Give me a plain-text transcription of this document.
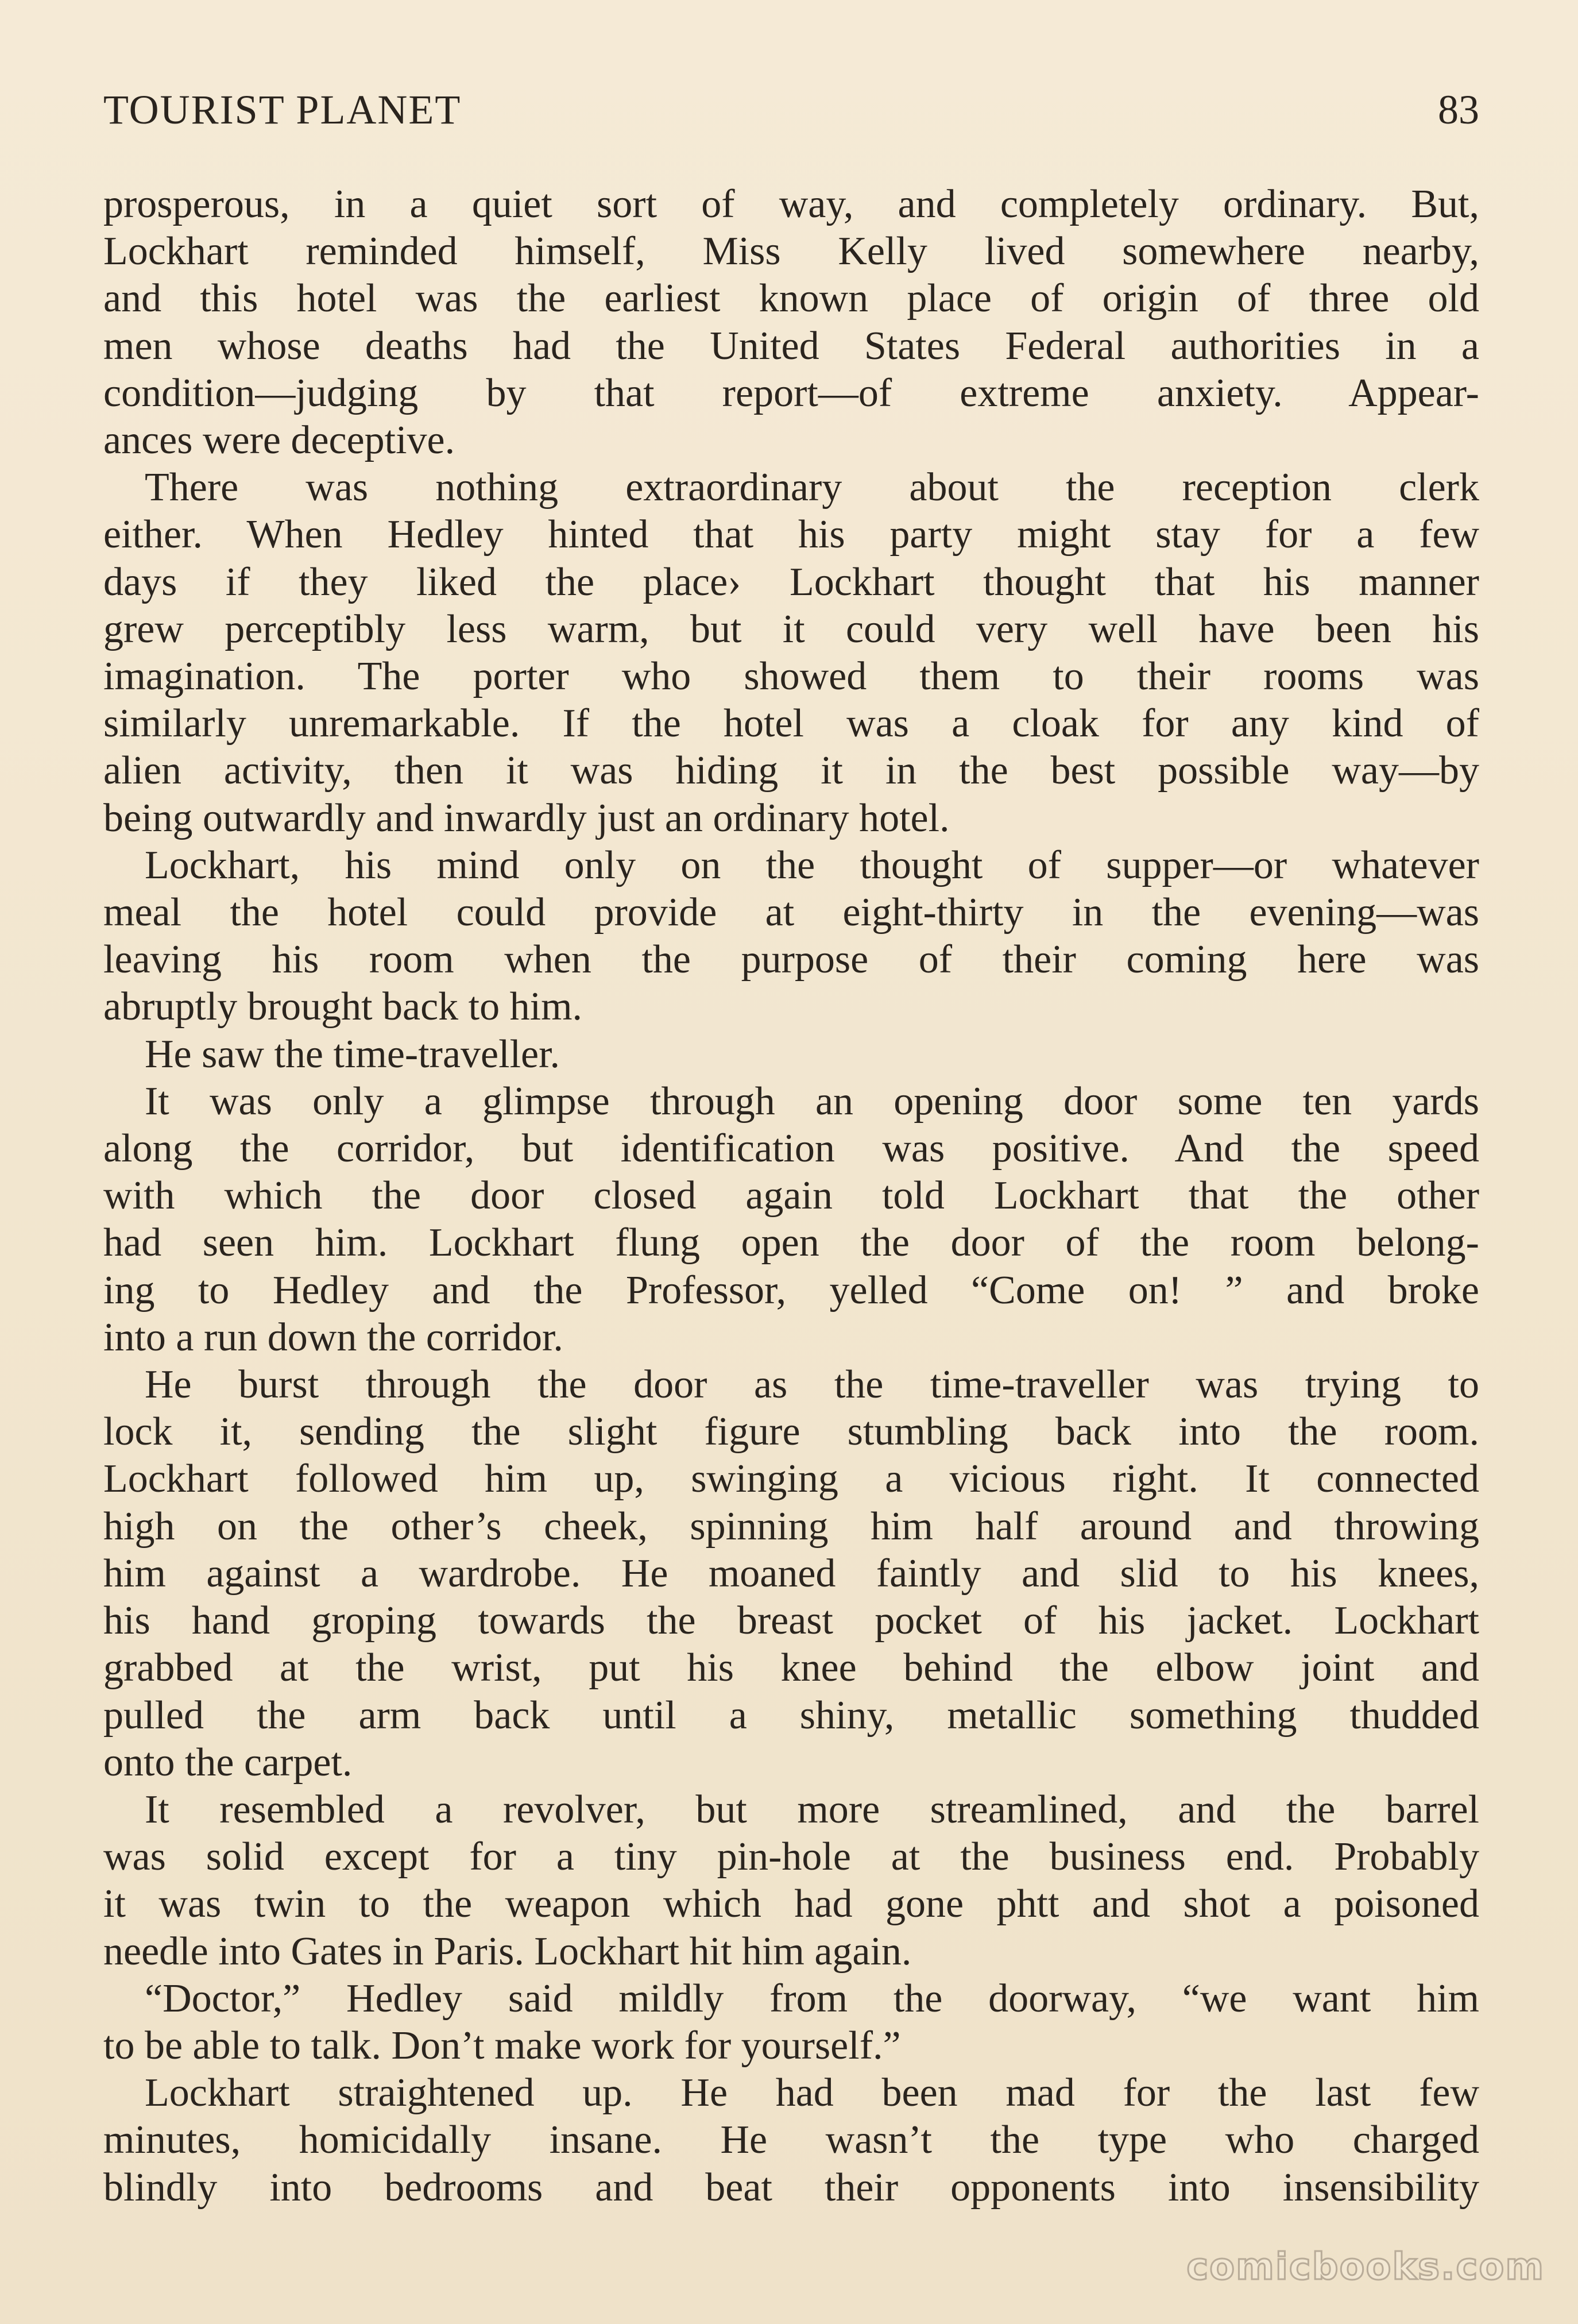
TOURIST PLANET	83

prosperous, in a quiet sort of way, and completely ordinary. But,

Lockhart reminded himself, Miss Kelly lived somewhere nearby,

and this hotel was the earliest known place of origin of three old

men whose deaths had the United States Federal authorities in a

condition—judging by that report—of extreme anxiety. Appear-

ances were deceptive.

There was nothing extraordinary about the reception clerk

either. When Hedley hinted that his party might stay for a few

days if they liked the place› Lockhart thought that his manner

grew perceptibly less warm, but it could very well have been his

imagination. The porter who showed them to their rooms was

similarly unremarkable. If the hotel was a cloak for any kind of

alien activity, then it was hiding it in the best possible way—by

being outwardly and inwardly just an ordinary hotel.

Lockhart, his mind only on the thought of supper—or whatever

meal the hotel could provide at eight-thirty in the evening—was

leaving his room when the purpose of their coming here was

abruptly brought back to him.

He saw the time-traveller.

It was only a glimpse through an opening door some ten yards

along the corridor, but identification was positive. And the speed

with which the door closed again told Lockhart that the other

had seen him. Lockhart flung open the door of the room belong-

ing to Hedley and the Professor, yelled “Come on! ” and broke

into a run down the corridor.

He burst through the door as the time-traveller was trying to

lock it, sending the slight figure stumbling back into the room.

Lockhart followed him up, swinging a vicious right. It connected

high on the other’s cheek, spinning him half around and throwing

him against a wardrobe. He moaned faintly and slid to his knees,

his hand groping towards the breast pocket of his jacket. Lockhart

grabbed at the wrist, put his knee behind the elbow joint and

pulled the arm back until a shiny, metallic something thudded

onto the carpet.

It resembled a revolver, but more streamlined, and the barrel

was solid except for a tiny pin-hole at the business end. Probably

it was twin to the weapon which had gone phtt and shot a poisoned

needle into Gates in Paris. Lockhart hit him again.

“Doctor,” Hedley said mildly from the doorway, “we want him

to be able to talk. Don’t make work for yourself.”

Lockhart straightened up. He had been mad for the last few

minutes, homicidally insane. He wasn’t the type who charged

blindly into bedrooms and beat their opponents into insensibility

comicbooks.com
